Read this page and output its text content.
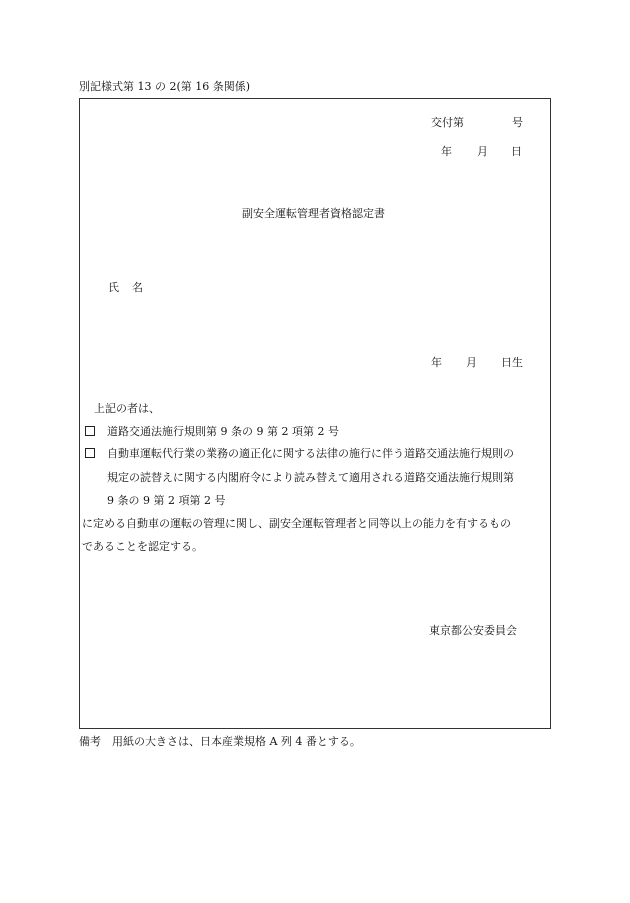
別記様式第 13 の 2(第 16 条関係)
交付第	号
年 月 日
副安全運転管理者資格認定書
氏 名
年 月 日生
上記の者は、
道路交通法施行規則第 9 条の 9 第 2 項第 2 号
自動車運転代行業の業務の適正化に関する法律の施行に伴う道路交通法施行規則の
規定の読替えに関する内閣府令により読み替えて適用される道路交通法施行規則第
9 条の 9 第 2 項第 2 号
に定める自動車の運転の管理に関し、副安全運転管理者と同等以上の能力を有するもの
であることを認定する。
東京都公安委員会
備考　用紙の大きさは、日本産業規格 A 列 4 番とする。
